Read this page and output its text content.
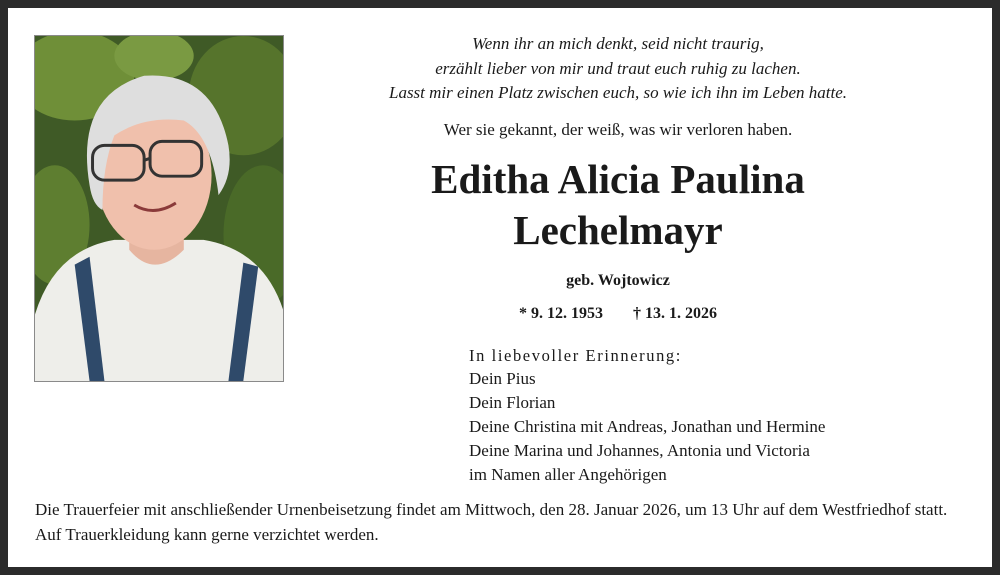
Wenn ihr an mich denkt, seid nicht traurig,
erzählt lieber von mir und traut euch ruhig zu lachen.
Lasst mir einen Platz zwischen euch, so wie ich ihn im Leben hatte.
Wer sie gekannt, der weiß, was wir verloren haben.
Editha Alicia Paulina
Lechelmayr
geb. Wojtowicz
* 9. 12. 1953 † 13. 1. 2026
In liebevoller Erinnerung:
Dein Pius
Dein Florian
Deine Christina mit Andreas, Jonathan und Hermine
Deine Marina und Johannes, Antonia und Victoria
im Namen aller Angehörigen
Die Trauerfeier mit anschließender Urnenbeisetzung findet am Mittwoch, den 28. Januar 2026, um 13 Uhr auf dem Westfriedhof statt. Auf Trauerkleidung kann gerne verzichtet werden.
